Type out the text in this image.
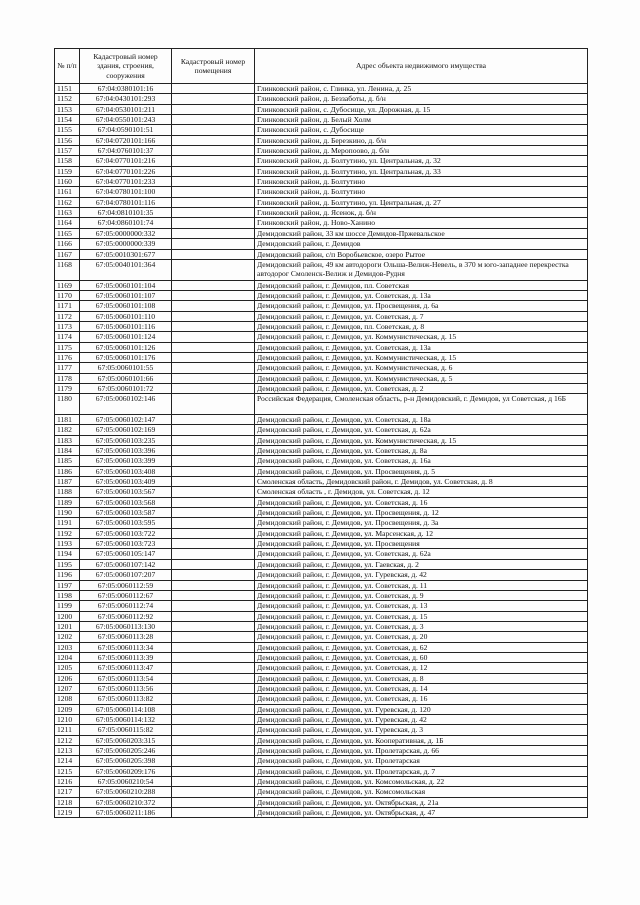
№ п/п	Кадастровый номер здания, строения, сооружения	Кадастровый номер помещения	Адрес объекта недвижимого имущества
1151	67:04:0380101:16		Глинковский район, с. Глинка, ул. Ленина, д. 25
1152	67:04:0430101:293		Глинковский район, д. Беззаботы, д. б/н
1153	67:04:0530101:211		Глинковский район, с. Дубосище, ул. Дорожная, д. 15
1154	67:04:0550101:243		Глинковский район, д. Белый Холм
1155	67:04:0590101:51		Глинковский район, с. Дубосище
1156	67:04:0720101:166		Глинковский район, д. Березкино, д. б/н
1157	67:04:0760101:37		Глинковский район, д. Меропоово, д. б/н
1158	67:04:0770101:216		Глинковский район, д. Болтутино, ул. Центральная, д. 32
1159	67:04:0770101:226		Глинковский район, д. Болтутино, ул. Центральная, д. 33
1160	67:04:0770101:233		Глинковский район, д. Болтутино
1161	67:04:0780101:100		Глинковский район, д. Болтутино
1162	67:04:0780101:116		Глинковский район, д. Болтутино, ул. Центральная, д. 27
1163	67:04:0810101:35		Глинковский район, д. Ясенок, д. б/н
1164	67:04:0860101:74		Глинковский район, д. Ново-Ханино
1165	67:05:0000000:332		Демидовский район, 33 км шоссе Демидов-Пржевальское
1166	67:05:0000000:339		Демидовский район, г. Демидов
1167	67:05:0010301:677		Демидовский район, с/п Воробьевское, озеро Рытое
1168	67:05:0040101:364		Демидовский район, 49 км автодороги Ольша-Велиж-Невель, в 370 м юго-западнее перекрестка автодорог Смоленск-Велиж и Демидов-Рудня
1169	67:05:0060101:104		Демидовский район, г. Демидов, пл. Советская
1170	67:05:0060101:107		Демидовский район, г. Демидов, ул. Советская, д. 13а
1171	67:05:0060101:108		Демидовский район, г. Демидов, ул. Просвещения, д. 6а
1172	67:05:0060101:110		Демидовский район, г. Демидов, ул. Советская, д. 7
1173	67:05:0060101:116		Демидовский район, г. Демидов, пл. Советская, д. 8
1174	67:05:0060101:124		Демидовский район, г. Демидов, ул. Коммунистическая, д. 15
1175	67:05:0060101:126		Демидовский район, г. Демидов, ул. Советская, д. 13а
1176	67:05:0060101:176		Демидовский район, г. Демидов, ул. Коммунистическая, д. 15
1177	67:05:0060101:55		Демидовский район, г. Демидов, ул. Коммунистическая, д. 6
1178	67:05:0060101:66		Демидовский район, г. Демидов, ул. Коммунистическая, д. 5
1179	67:05:0060101:72		Демидовский район, г. Демидов, ул. Советская, д. 2
1180	67:05:0060102:146		Российская Федерация, Смоленская область, р-н Демидовский, г. Демидов, ул Советская, д 16Б
1181	67:05:0060102:147		Демидовский район, г. Демидов, ул. Советская, д. 18а
1182	67:05:0060102:169		Демидовский район, г. Демидов, ул. Советская, д. 62а
1183	67:05:0060103:235		Демидовский район, г. Демидов, ул. Коммунистическая, д. 15
1184	67:05:0060103:396		Демидовский район, г. Демидов, ул. Советская, д. 8а
1185	67:05:0060103:399		Демидовский район, г. Демидов, ул. Советская, д. 16а
1186	67:05:0060103:408		Демидовский район, г. Демидов, ул. Просвещения, д. 5
1187	67:05:0060103:409		Смоленская область, Демидовский район, г. Демидов, ул. Советская, д. 8
1188	67:05:0060103:567		Смоленская область , г. Демидов, ул. Советская, д. 12
1189	67:05:0060103:568		Демидовский район, г. Демидов, ул. Советская, д. 16
1190	67:05:0060103:587		Демидовский район, г. Демидов, ул. Просвещения, д. 12
1191	67:05:0060103:595		Демидовский район, г. Демидов, ул. Просвещения, д. 3а
1192	67:05:0060103:722		Демидовский район, г. Демидов, ул. Марсенская, д. 12
1193	67:05:0060103:723		Демидовский район, г. Демидов, ул. Просвещения
1194	67:05:0060105:147		Демидовский район, г. Демидов, ул. Советская, д. 62а
1195	67:05:0060107:142		Демидовский район, г. Демидов, ул. Гаевская, д. 2
1196	67:05:0060107:207		Демидовский район, г. Демидов, ул. Гуревская, д. 42
1197	67:05:0060112:59		Демидовский район, г. Демидов, ул. Советская, д. 11
1198	67:05:0060112:67		Демидовский район, г. Демидов, ул. Советская, д. 9
1199	67:05:0060112:74		Демидовский район, г. Демидов, ул. Советская, д. 13
1200	67:05:0060112:92		Демидовский район, г. Демидов, ул. Советская, д. 15
1201	67:05:0060113:130		Демидовский район, г. Демидов, ул. Советская, д. 3
1202	67:05:0060113:28		Демидовский район, г. Демидов, ул. Советская, д. 20
1203	67:05:0060113:34		Демидовский район, г. Демидов, ул. Советская, д. 62
1204	67:05:0060113:39		Демидовский район, г. Демидов, ул. Советская, д. 60
1205	67:05:0060113:47		Демидовский район, г. Демидов, ул. Советская, д. 12
1206	67:05:0060113:54		Демидовский район, г. Демидов, ул. Советская, д. 8
1207	67:05:0060113:56		Демидовский район, г. Демидов, ул. Советская, д. 14
1208	67:05:0060113:82		Демидовский район, г. Демидов, ул. Советская, д. 16
1209	67:05:0060114:108		Демидовский район, г. Демидов, ул. Гуревская, д. 120
1210	67:05:0060114:132		Демидовский район, г. Демидов, ул. Гуревская, д. 42
1211	67:05:0060115:82		Демидовский район, г. Демидов, ул. Гуревская, д. 3
1212	67:05:0060203:315		Демидовский район, г. Демидов, ул. Кооперативная, д. 1Б
1213	67:05:0060205:246		Демидовский район, г. Демидов, ул. Пролетарская, д. 66
1214	67:05:0060205:398		Демидовский район, г. Демидов, ул. Пролетарская
1215	67:05:0060209:176		Демидовский район, г. Демидов, ул. Пролетарская, д. 7
1216	67:05:0060210:54		Демидовский район, г. Демидов, ул. Комсомольская, д. 22
1217	67:05:0060210:288		Демидовский район, г. Демидов, ул. Комсомольская
1218	67:05:0060210:372		Демидовский район, г. Демидов, ул. Октябрьская, д. 21а
1219	67:05:0060211:186		Демидовский район, г. Демидов, ул. Октябрьская, д. 47
